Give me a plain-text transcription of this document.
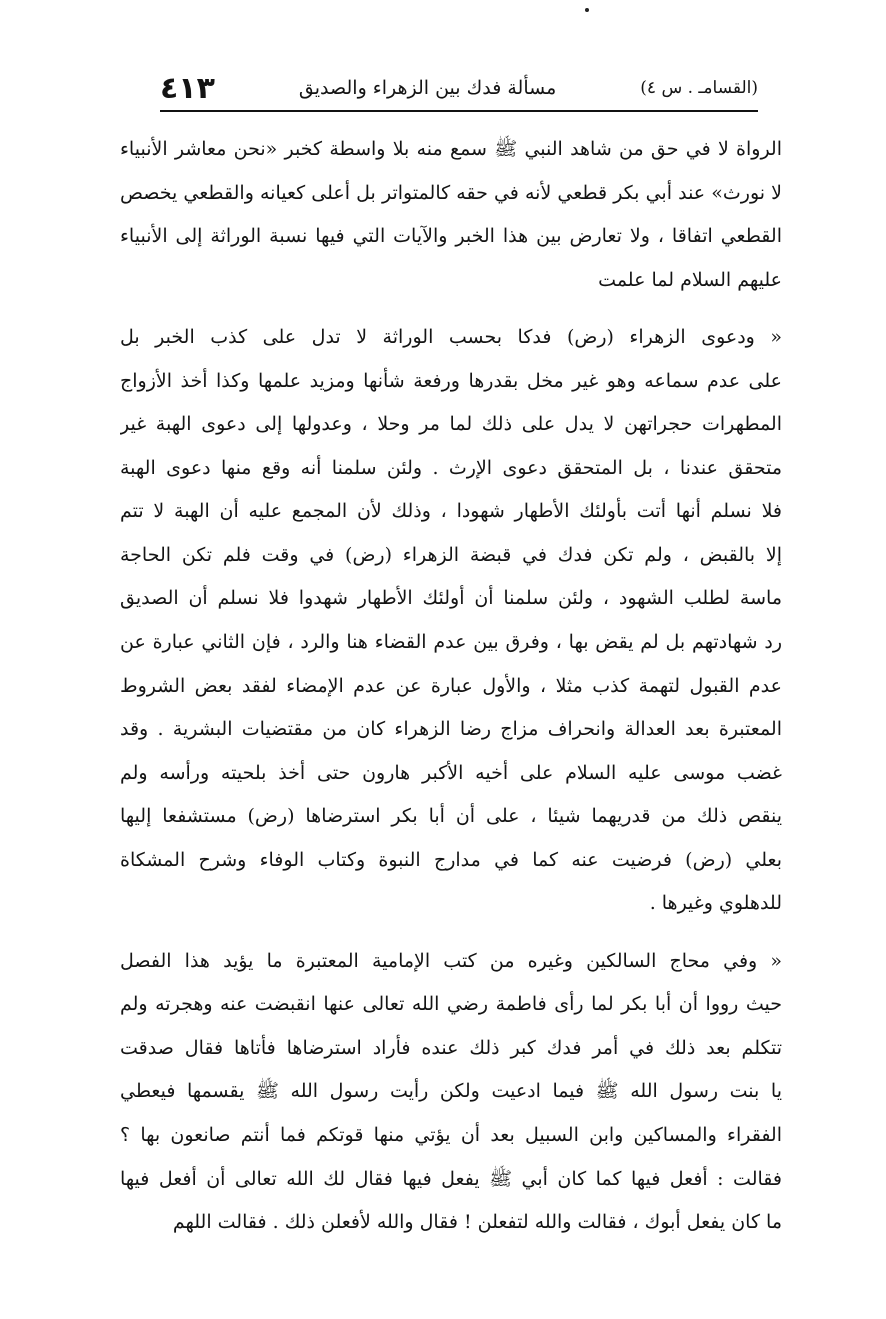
(القسامـ . س ٤)
مسألة فدك بين الزهراء والصديق
٤١٣
الرواة لا في حق من شاهد النبي ﷺ سمع منه بلا واسطة كخبر «نحن معاشر الأنبياء
لا نورث» عند أبي بكر قطعي لأنه في حقه كالمتواتر بل أعلى كعيانه والقطعي يخصص
القطعي اتفاقا ، ولا تعارض بين هذا الخبر والآيات التي فيها نسبة الوراثة إلى الأنبياء
عليهم السلام لما علمت
« ودعوى الزهراء (رض) فدكا بحسب الوراثة لا تدل على كذب الخبر بل
على عدم سماعه وهو غير مخل بقدرها ورفعة شأنها ومزيد علمها وكذا أخذ الأزواج
المطهرات حجراتهن لا يدل على ذلك لما مر وحلا ، وعدولها إلى دعوى الهبة غير
متحقق عندنا ، بل المتحقق دعوى الإرث . ولئن سلمنا أنه وقع منها دعوى الهبة
فلا نسلم أنها أتت بأولئك الأطهار شهودا ، وذلك لأن المجمع عليه أن الهبة لا تتم
إلا بالقبض ، ولم تكن فدك في قبضة الزهراء (رض) في وقت فلم تكن الحاجة
ماسة لطلب الشهود ، ولئن سلمنا أن أولئك الأطهار شهدوا فلا نسلم أن الصديق
رد شهادتهم بل لم يقض بها ، وفرق بين عدم القضاء هنا والرد ، فإن الثاني عبارة عن
عدم القبول لتهمة كذب مثلا ، والأول عبارة عن عدم الإمضاء لفقد بعض الشروط
المعتبرة بعد العدالة وانحراف مزاج رضا الزهراء كان من مقتضيات البشرية . وقد
غضب موسى عليه السلام على أخيه الأكبر هارون حتى أخذ بلحيته ورأسه ولم
ينقص ذلك من قدريهما شيئا ، على أن أبا بكر استرضاها (رض) مستشفعا إليها
بعلي (رض) فرضيت عنه كما في مدارج النبوة وكتاب الوفاء وشرح المشكاة
للدهلوي وغيرها .
« وفي محاج السالكين وغيره من كتب الإمامية المعتبرة ما يؤيد هذا الفصل
حيث رووا أن أبا بكر لما رأى فاطمة رضي الله تعالى عنها انقبضت عنه وهجرته ولم
تتكلم بعد ذلك في أمر فدك كبر ذلك عنده فأراد استرضاها فأتاها فقال صدقت
يا بنت رسول الله ﷺ فيما ادعيت ولكن رأيت رسول الله ﷺ يقسمها فيعطي
الفقراء والمساكين وابن السبيل بعد أن يؤتي منها قوتكم فما أنتم صانعون بها ؟
فقالت : أفعل فيها كما كان أبي ﷺ يفعل فيها فقال لك الله تعالى أن أفعل فيها
ما كان يفعل أبوك ، فقالت والله لتفعلن ! فقال والله لأفعلن ذلك . فقالت اللهم
